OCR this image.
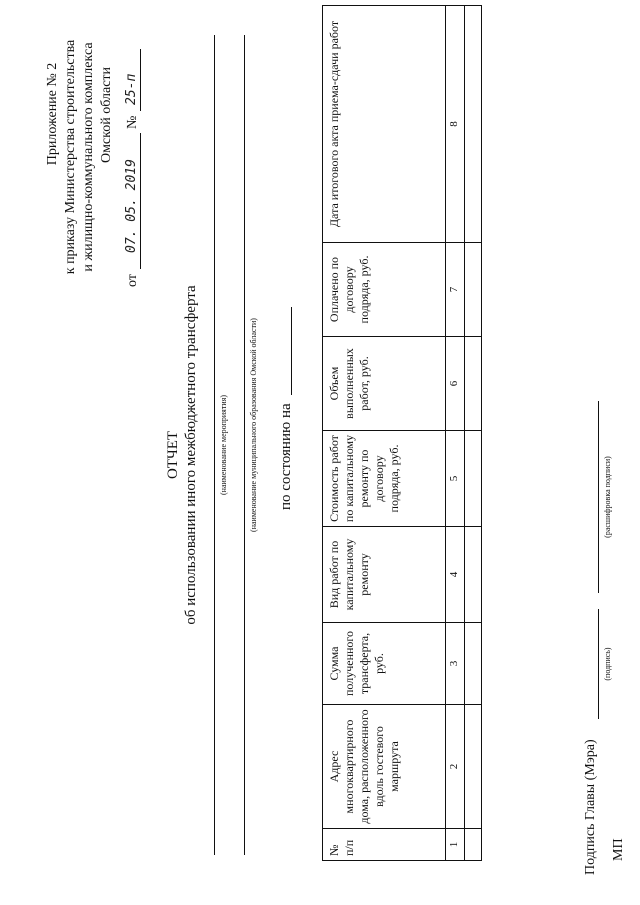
Приложение № 2 к приказу Министерства строительства и жилищно-коммунального комплекса Омской области
от
07. 05. 2019
№
25-п
ОТЧЕТ об использовании иного межбюджетного трансферта	(наименование мероприятия)	(наименование муниципального образования Омской области) по состоянию на
№ п/п	Адрес многоквартирного дома, расположенного вдоль гостевого маршрута	Сумма полученного трансферта, руб.	Вид работ по капитальному ремонту	Стоимость работ по капитальному ремонту по договору подряда, руб.	Объем выполненных работ, руб.	Оплачено по договору подряда, руб.	Дата итогового акта приема-сдачи работ
1	2	3	4	5	6	7	8

Подпись Главы (Мэра)
(подпись)
(расшифровка подписи)
МП
